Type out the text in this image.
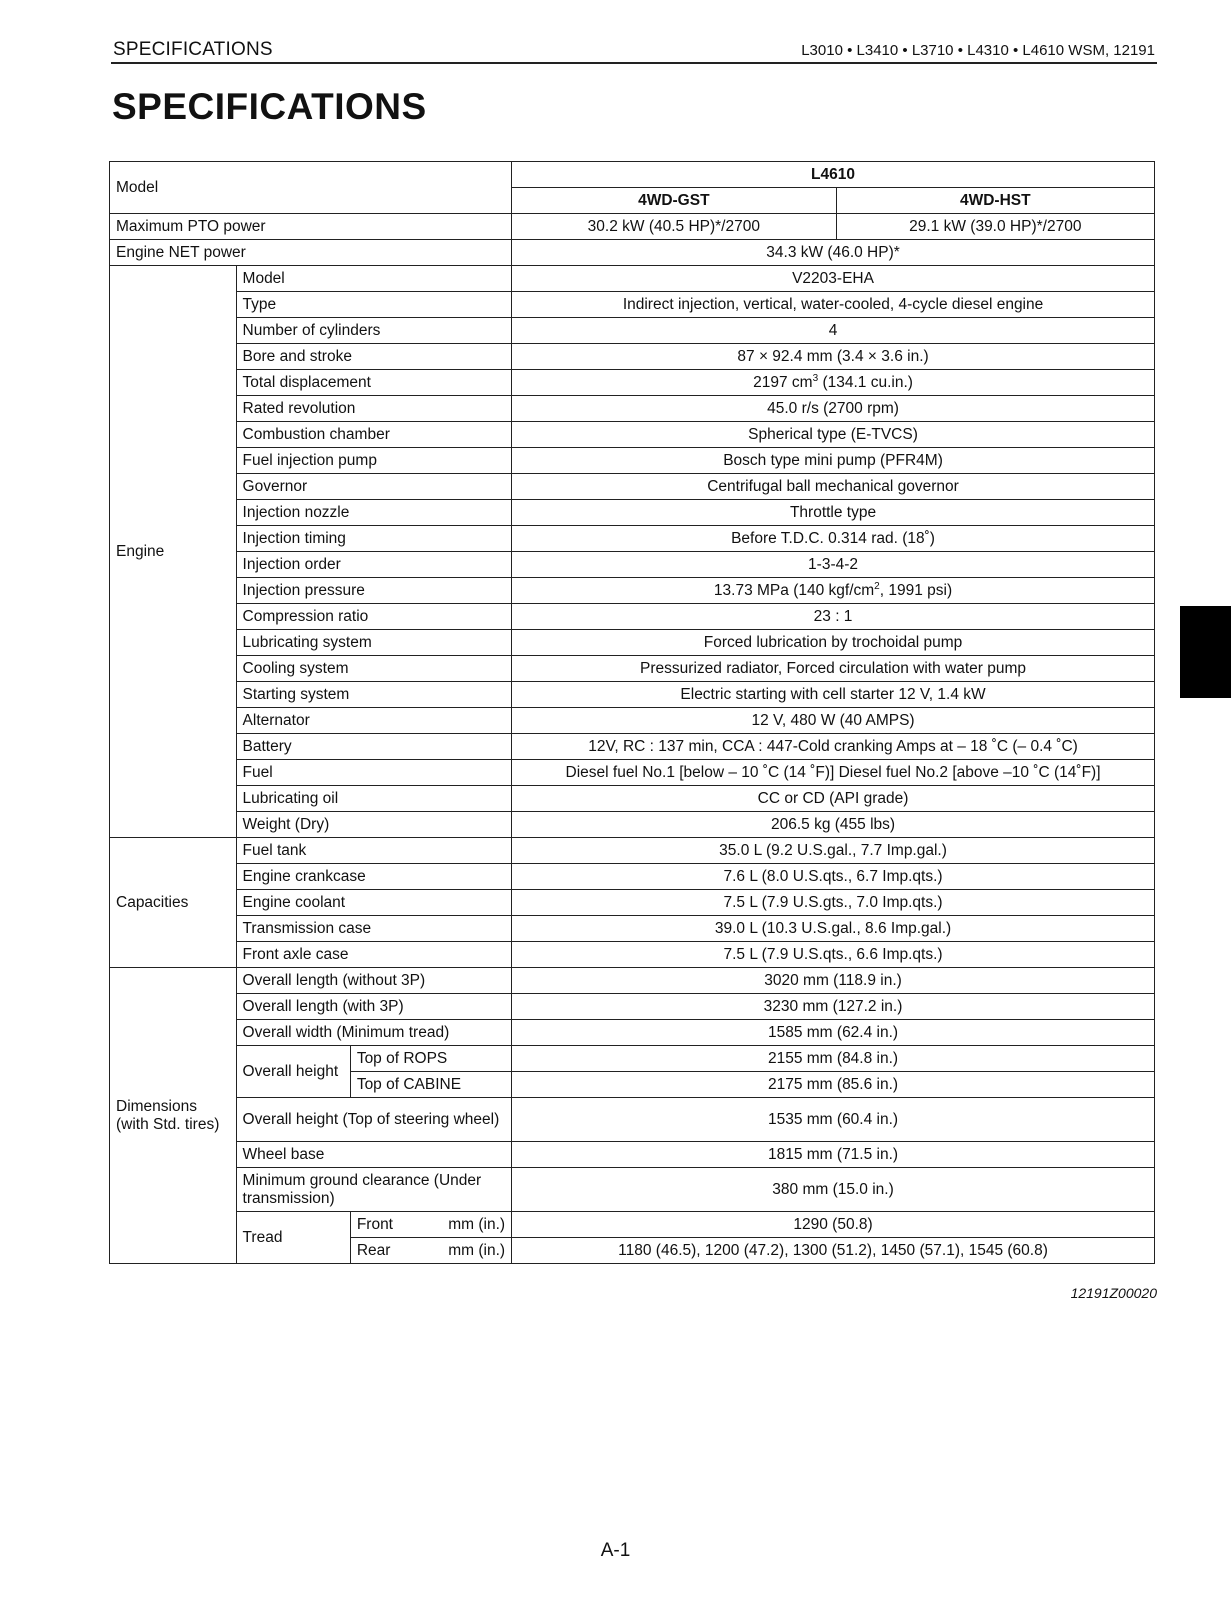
SPECIFICATIONS	L3010 • L3410 • L3710 • L4310 • L4610 WSM, 12191
SPECIFICATIONS
Model			L4610	
			4WD-GST	4WD-HST
Maximum PTO power			30.2 kW (40.5 HP)*/2700	29.1 kW (39.0 HP)*/2700
Engine NET power			34.3 kW (46.0 HP)*	
Engine	Model		V2203-EHA	
	Type		Indirect injection, vertical, water-cooled, 4-cycle diesel engine	
	Number of cylinders		4	
	Bore and stroke		87 × 92.4 mm (3.4 × 3.6 in.)	
	Total displacement		2197 $cm^3$ (134.1 cu.in.)	
	Rated revolution		45.0 r/s (2700 rpm)	
	Combustion chamber		Spherical type (E-TVCS)	
	Fuel injection pump		Bosch type mini pump (PFR4M)	
	Governor		Centrifugal ball mechanical governor	
	Injection nozzle		Throttle type	
	Injection timing		Before T.D.C. 0.314 rad. (18˚)	
	Injection order		1-3-4-2	
	Injection pressure		13.73 MPa (140 kgf/$cm^2$, 1991 psi)	
	Compression ratio		23 : 1	
	Lubricating system		Forced lubrication by trochoidal pump	
	Cooling system		Pressurized radiator, Forced circulation with water pump	
	Starting system		Electric starting with cell starter 12 V, 1.4 kW	
	Alternator		12 V, 480 W (40 AMPS)	
	Battery		12V, RC : 137 min, CCA : 447-Cold cranking Amps at – 18 ˚C (– 0.4 ˚C)	
	Fuel		Diesel fuel No.1 [below – 10 ˚C (14 ˚F)] Diesel fuel No.2 [above –10 ˚C (14˚F)]	
	Lubricating oil		CC or CD (API grade)	
	Weight (Dry)		206.5 kg (455 lbs)	
Capacities	Fuel tank		35.0 L (9.2 U.S.gal., 7.7 Imp.gal.)	
	Engine crankcase		7.6 L (8.0 U.S.qts., 6.7 Imp.qts.)	
	Engine coolant		7.5 L (7.9 U.S.gts., 7.0 Imp.qts.)	
	Transmission case		39.0 L (10.3 U.S.gal., 8.6 Imp.gal.)	
	Front axle case		7.5 L (7.9 U.S.qts., 6.6 Imp.qts.)	
Dimensions (with Std. tires)	Overall length (without 3P)		3020 mm (118.9 in.)	
	Overall length (with 3P)		3230 mm (127.2 in.)	
	Overall width (Minimum tread)		1585 mm (62.4 in.)	
	Overall height	Top of ROPS	2155 mm (84.8 in.)	
		Top of CABINE	2175 mm (85.6 in.)	
	Overall height (Top of steering wheel)		1535 mm (60.4 in.)	
	Wheel base		1815 mm (71.5 in.)	
	Minimum ground clearance (Under transmission)		380 mm (15.0 in.)	
	Tread	Front mm (in.)	1290 (50.8)	
		Rear mm (in.)	1180 (46.5), 1200 (47.2), 1300 (51.2), 1450 (57.1), 1545 (60.8)	
12191Z00020
A-1
